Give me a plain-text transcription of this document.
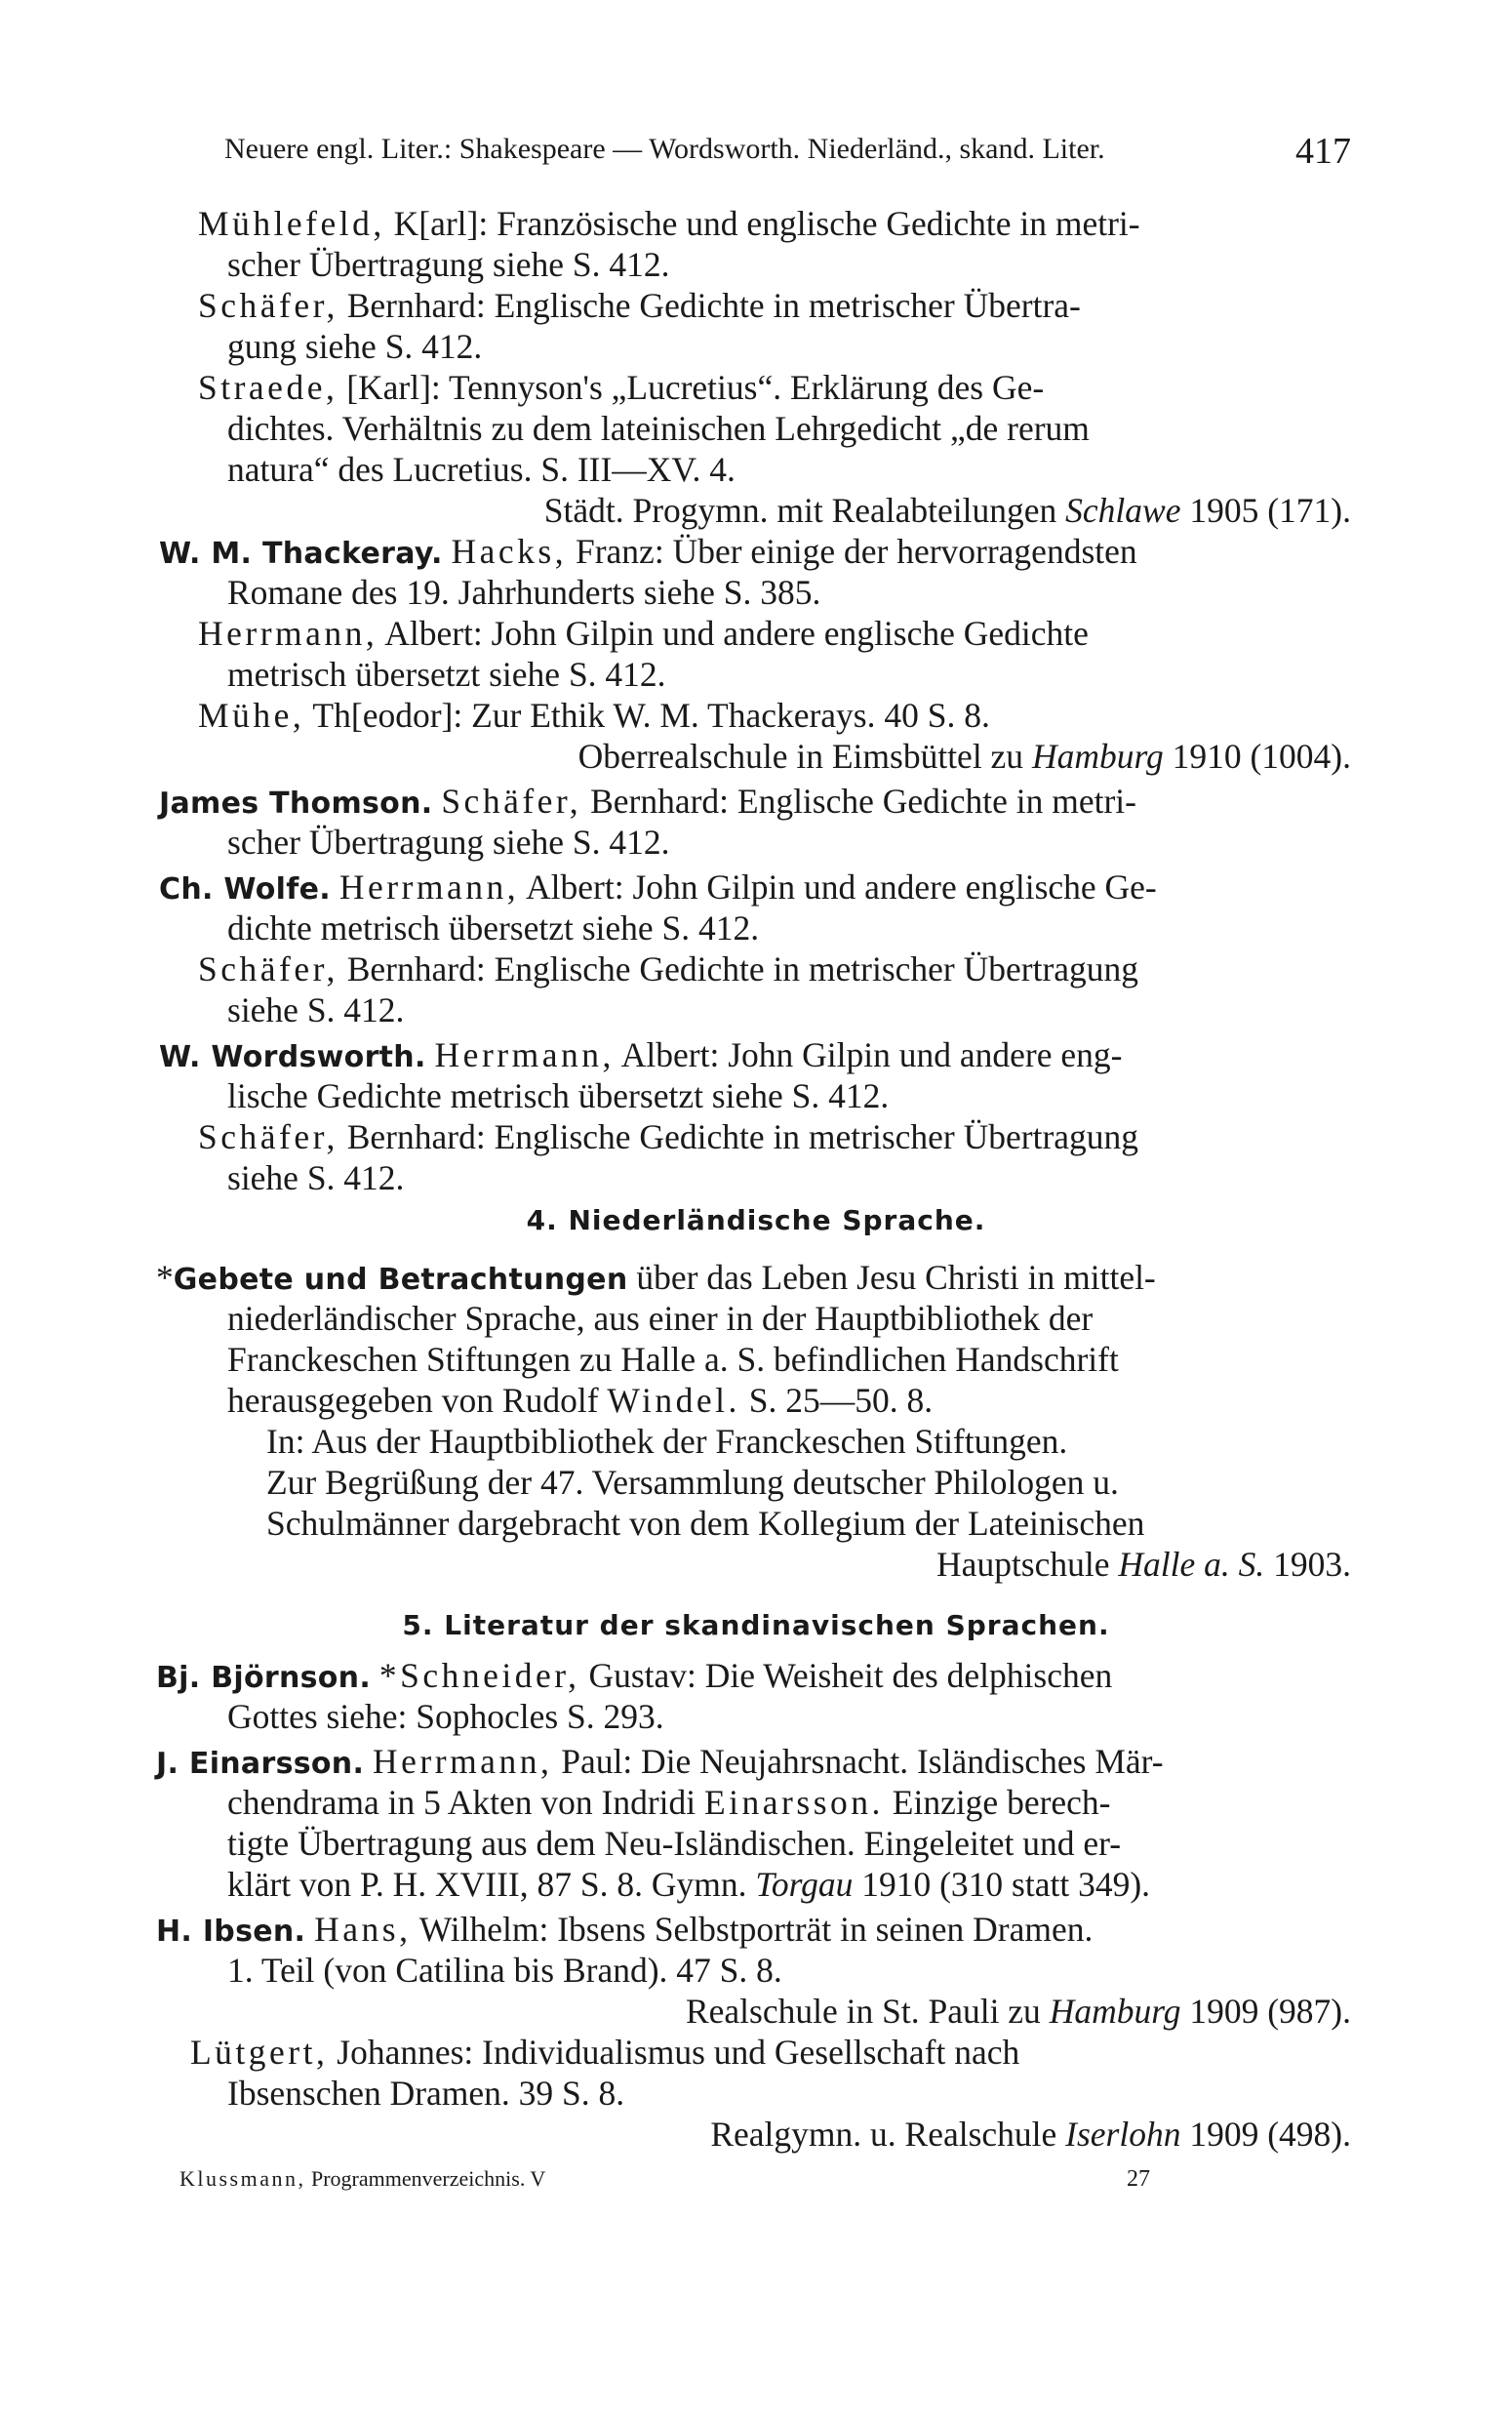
Neuere engl. Liter.: Shakespeare — Wordsworth. Niederländ., skand. Liter.	417
Mühlefeld, K[arl]: Französische und englische Gedichte in metri-
scher Übertragung siehe S. 412.
Schäfer, Bernhard: Englische Gedichte in metrischer Übertra-
gung siehe S. 412.
Straede, [Karl]: Tennyson's „Lucretius“. Erklärung des Ge-
dichtes. Verhältnis zu dem lateinischen Lehrgedicht „de rerum
natura“ des Lucretius. S. III—XV. 4.
Städt. Progymn. mit Realabteilungen Schlawe 1905 (171).
W. M. Thackeray. Hacks, Franz: Über einige der hervorragendsten
Romane des 19. Jahrhunderts siehe S. 385.
Herrmann, Albert: John Gilpin und andere englische Gedichte
metrisch übersetzt siehe S. 412.
Mühe, Th[eodor]: Zur Ethik W. M. Thackerays. 40 S. 8.
Oberrealschule in Eimsbüttel zu Hamburg 1910 (1004).
James Thomson. Schäfer, Bernhard: Englische Gedichte in metri-
scher Übertragung siehe S. 412.
Ch. Wolfe. Herrmann, Albert: John Gilpin und andere englische Ge-
dichte metrisch übersetzt siehe S. 412.
Schäfer, Bernhard: Englische Gedichte in metrischer Übertragung
siehe S. 412.
W. Wordsworth. Herrmann, Albert: John Gilpin und andere eng-
lische Gedichte metrisch übersetzt siehe S. 412.
Schäfer, Bernhard: Englische Gedichte in metrischer Übertragung
siehe S. 412.
4. Niederländische Sprache.
*Gebete und Betrachtungen über das Leben Jesu Christi in mittel-
niederländischer Sprache, aus einer in der Hauptbibliothek der
Franckeschen Stiftungen zu Halle a. S. befindlichen Handschrift
herausgegeben von Rudolf Windel. S. 25—50. 8.
In: Aus der Hauptbibliothek der Franckeschen Stiftungen.
Zur Begrüßung der 47. Versammlung deutscher Philologen u.
Schulmänner dargebracht von dem Kollegium der Lateinischen
Hauptschule Halle a. S. 1903.
5. Literatur der skandinavischen Sprachen.
Bj. Björnson. *Schneider, Gustav: Die Weisheit des delphischen
Gottes siehe: Sophocles S. 293.
J. Einarsson. Herrmann, Paul: Die Neujahrsnacht. Isländisches Mär-
chendrama in 5 Akten von Indridi Einarsson. Einzige berech-
tigte Übertragung aus dem Neu-Isländischen. Eingeleitet und er-
klärt von P. H. XVIII, 87 S. 8. Gymn. Torgau 1910 (310 statt 349).
H. Ibsen. Hans, Wilhelm: Ibsens Selbstporträt in seinen Dramen.
1. Teil (von Catilina bis Brand). 47 S. 8.
Realschule in St. Pauli zu Hamburg 1909 (987).
Lütgert, Johannes: Individualismus und Gesellschaft nach
Ibsenschen Dramen. 39 S. 8.
Realgymn. u. Realschule Iserlohn 1909 (498).
Klussmann, Programmenverzeichnis. V	27
